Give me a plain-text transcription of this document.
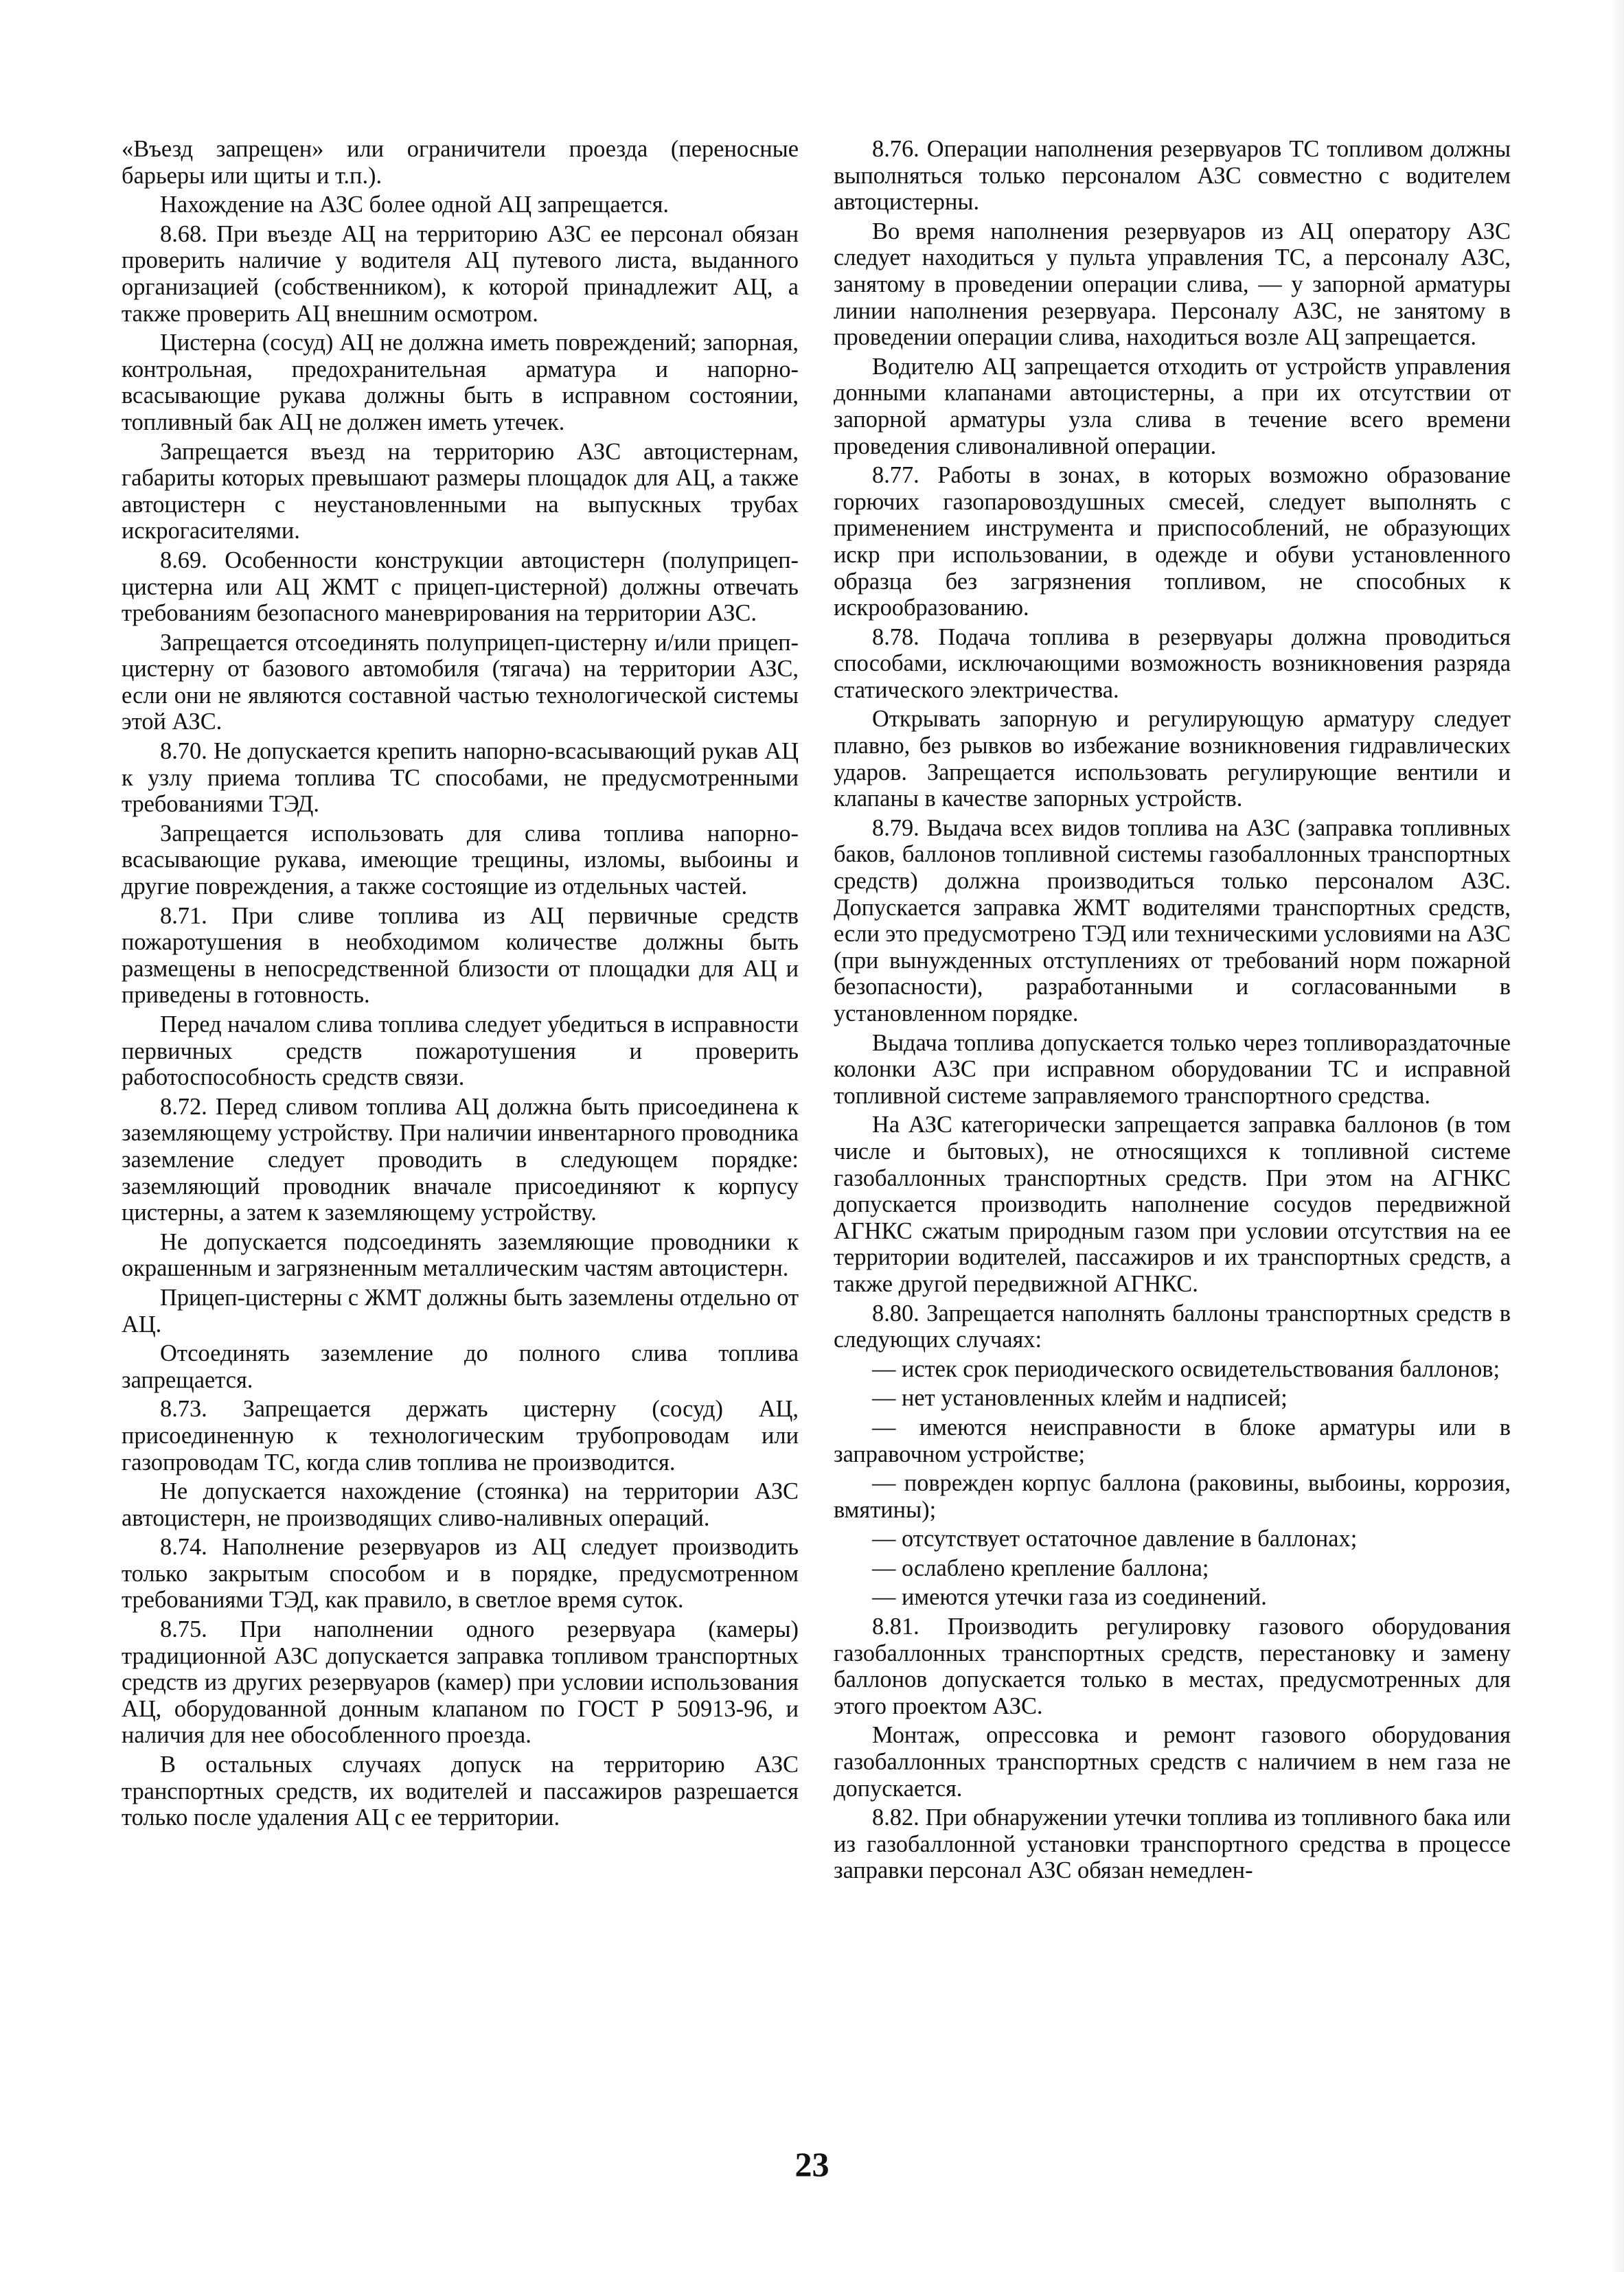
«Въезд запрещен» или ограничители проезда (переносные барьеры или щиты и т.п.).

Нахождение на АЗС более одной АЦ запрещается.

8.68. При въезде АЦ на территорию АЗС ее персонал обязан проверить наличие у водителя АЦ путевого листа, выданного организацией (собственником), к которой принадлежит АЦ, а также проверить АЦ внешним осмотром.

Цистерна (сосуд) АЦ не должна иметь повреждений; запорная, контрольная, предохранительная арматура и напорно-всасывающие рукава должны быть в исправном состоянии, топливный бак АЦ не должен иметь утечек.

Запрещается въезд на территорию АЗС автоцистернам, габариты которых превышают размеры площадок для АЦ, а также автоцистерн с неустановленными на выпускных трубах искрогасителями.

8.69. Особенности конструкции автоцистерн (полуприцеп-цистерна или АЦ ЖМТ с прицеп-цистерной) должны отвечать требованиям безопасного маневрирования на территории АЗС.

Запрещается отсоединять полуприцеп-цистерну и/или прицеп-цистерну от базового автомобиля (тягача) на территории АЗС, если они не являются составной частью технологической системы этой АЗС.

8.70. Не допускается крепить напорно-всасывающий рукав АЦ к узлу приема топлива ТС способами, не предусмотренными требованиями ТЭД.

Запрещается использовать для слива топлива напорно-всасывающие рукава, имеющие трещины, изломы, выбоины и другие повреждения, а также состоящие из отдельных частей.

8.71. При сливе топлива из АЦ первичные средств пожаротушения в необходимом количестве должны быть размещены в непосредственной близости от площадки для АЦ и приведены в готовность.

Перед началом слива топлива следует убедиться в исправности первичных средств пожаротушения и проверить работоспособность средств связи.

8.72. Перед сливом топлива АЦ должна быть присоединена к заземляющему устройству. При наличии инвентарного проводника заземление следует проводить в следующем порядке: заземляющий проводник вначале присоединяют к корпусу цистерны, а затем к заземляющему устройству.

Не допускается подсоединять заземляющие проводники к окрашенным и загрязненным металлическим частям автоцистерн.

Прицеп-цистерны с ЖМТ должны быть заземлены отдельно от АЦ.

Отсоединять заземление до полного слива топлива запрещается.

8.73. Запрещается держать цистерну (сосуд) АЦ, присоединенную к технологическим трубопроводам или газопроводам ТС, когда слив топлива не производится.

Не допускается нахождение (стоянка) на территории АЗС автоцистерн, не производящих сливо-наливных операций.

8.74. Наполнение резервуаров из АЦ следует производить только закрытым способом и в порядке, предусмотренном требованиями ТЭД, как правило, в светлое время суток.

8.75. При наполнении одного резервуара (камеры) традиционной АЗС допускается заправка топливом транспортных средств из других резервуаров (камер) при условии использования АЦ, оборудованной донным клапаном по ГОСТ Р 50913-96, и наличия для нее обособленного проезда.

В остальных случаях допуск на территорию АЗС транспортных средств, их водителей и пассажиров разрешается только после удаления АЦ с ее территории.

8.76. Операции наполнения резервуаров ТС топливом должны выполняться только персоналом АЗС совместно с водителем автоцистерны.

Во время наполнения резервуаров из АЦ оператору АЗС следует находиться у пульта управления ТС, а персоналу АЗС, занятому в проведении операции слива, — у запорной арматуры линии наполнения резервуара. Персоналу АЗС, не занятому в проведении операции слива, находиться возле АЦ запрещается.

Водителю АЦ запрещается отходить от устройств управления донными клапанами автоцистерны, а при их отсутствии от запорной арматуры узла слива в течение всего времени проведения сливоналивной операции.

8.77. Работы в зонах, в которых возможно образование горючих газопаровоздушных смесей, следует выполнять с применением инструмента и приспособлений, не образующих искр при использовании, в одежде и обуви установленного образца без загрязнения топливом, не способных к искрообразованию.

8.78. Подача топлива в резервуары должна проводиться способами, исключающими возможность возникновения разряда статического электричества.

Открывать запорную и регулирующую арматуру следует плавно, без рывков во избежание возникновения гидравлических ударов. Запрещается использовать регулирующие вентили и клапаны в качестве запорных устройств.

8.79. Выдача всех видов топлива на АЗС (заправка топливных баков, баллонов топливной системы газобаллонных транспортных средств) должна производиться только персоналом АЗС. Допускается заправка ЖМТ водителями транспортных средств, если это предусмотрено ТЭД или техническими условиями на АЗС (при вынужденных отступлениях от требований норм пожарной безопасности), разработанными и согласованными в установленном порядке.

Выдача топлива допускается только через топливораздаточные колонки АЗС при исправном оборудовании ТС и исправной топливной системе заправляемого транспортного средства.

На АЗС категорически запрещается заправка баллонов (в том числе и бытовых), не относящихся к топливной системе газобаллонных транспортных средств. При этом на АГНКС допускается производить наполнение сосудов передвижной АГНКС сжатым природным газом при условии отсутствия на ее территории водителей, пассажиров и их транспортных средств, а также другой передвижной АГНКС.

8.80. Запрещается наполнять баллоны транспортных средств в следующих случаях:

— истек срок периодического освидетельствования баллонов;

— нет установленных клейм и надписей;

— имеются неисправности в блоке арматуры или в заправочном устройстве;

— поврежден корпус баллона (раковины, выбоины, коррозия, вмятины);

— отсутствует остаточное давление в баллонах;

— ослаблено крепление баллона;

— имеются утечки газа из соединений.

8.81. Производить регулировку газового оборудования газобаллонных транспортных средств, перестановку и замену баллонов допускается только в местах, предусмотренных для этого проектом АЗС.

Монтаж, опрессовка и ремонт газового оборудования газобаллонных транспортных средств с наличием в нем газа не допускается.

8.82. При обнаружении утечки топлива из топливного бака или из газобаллонной установки транспортного средства в процессе заправки персонал АЗС обязан немедлен-

23
